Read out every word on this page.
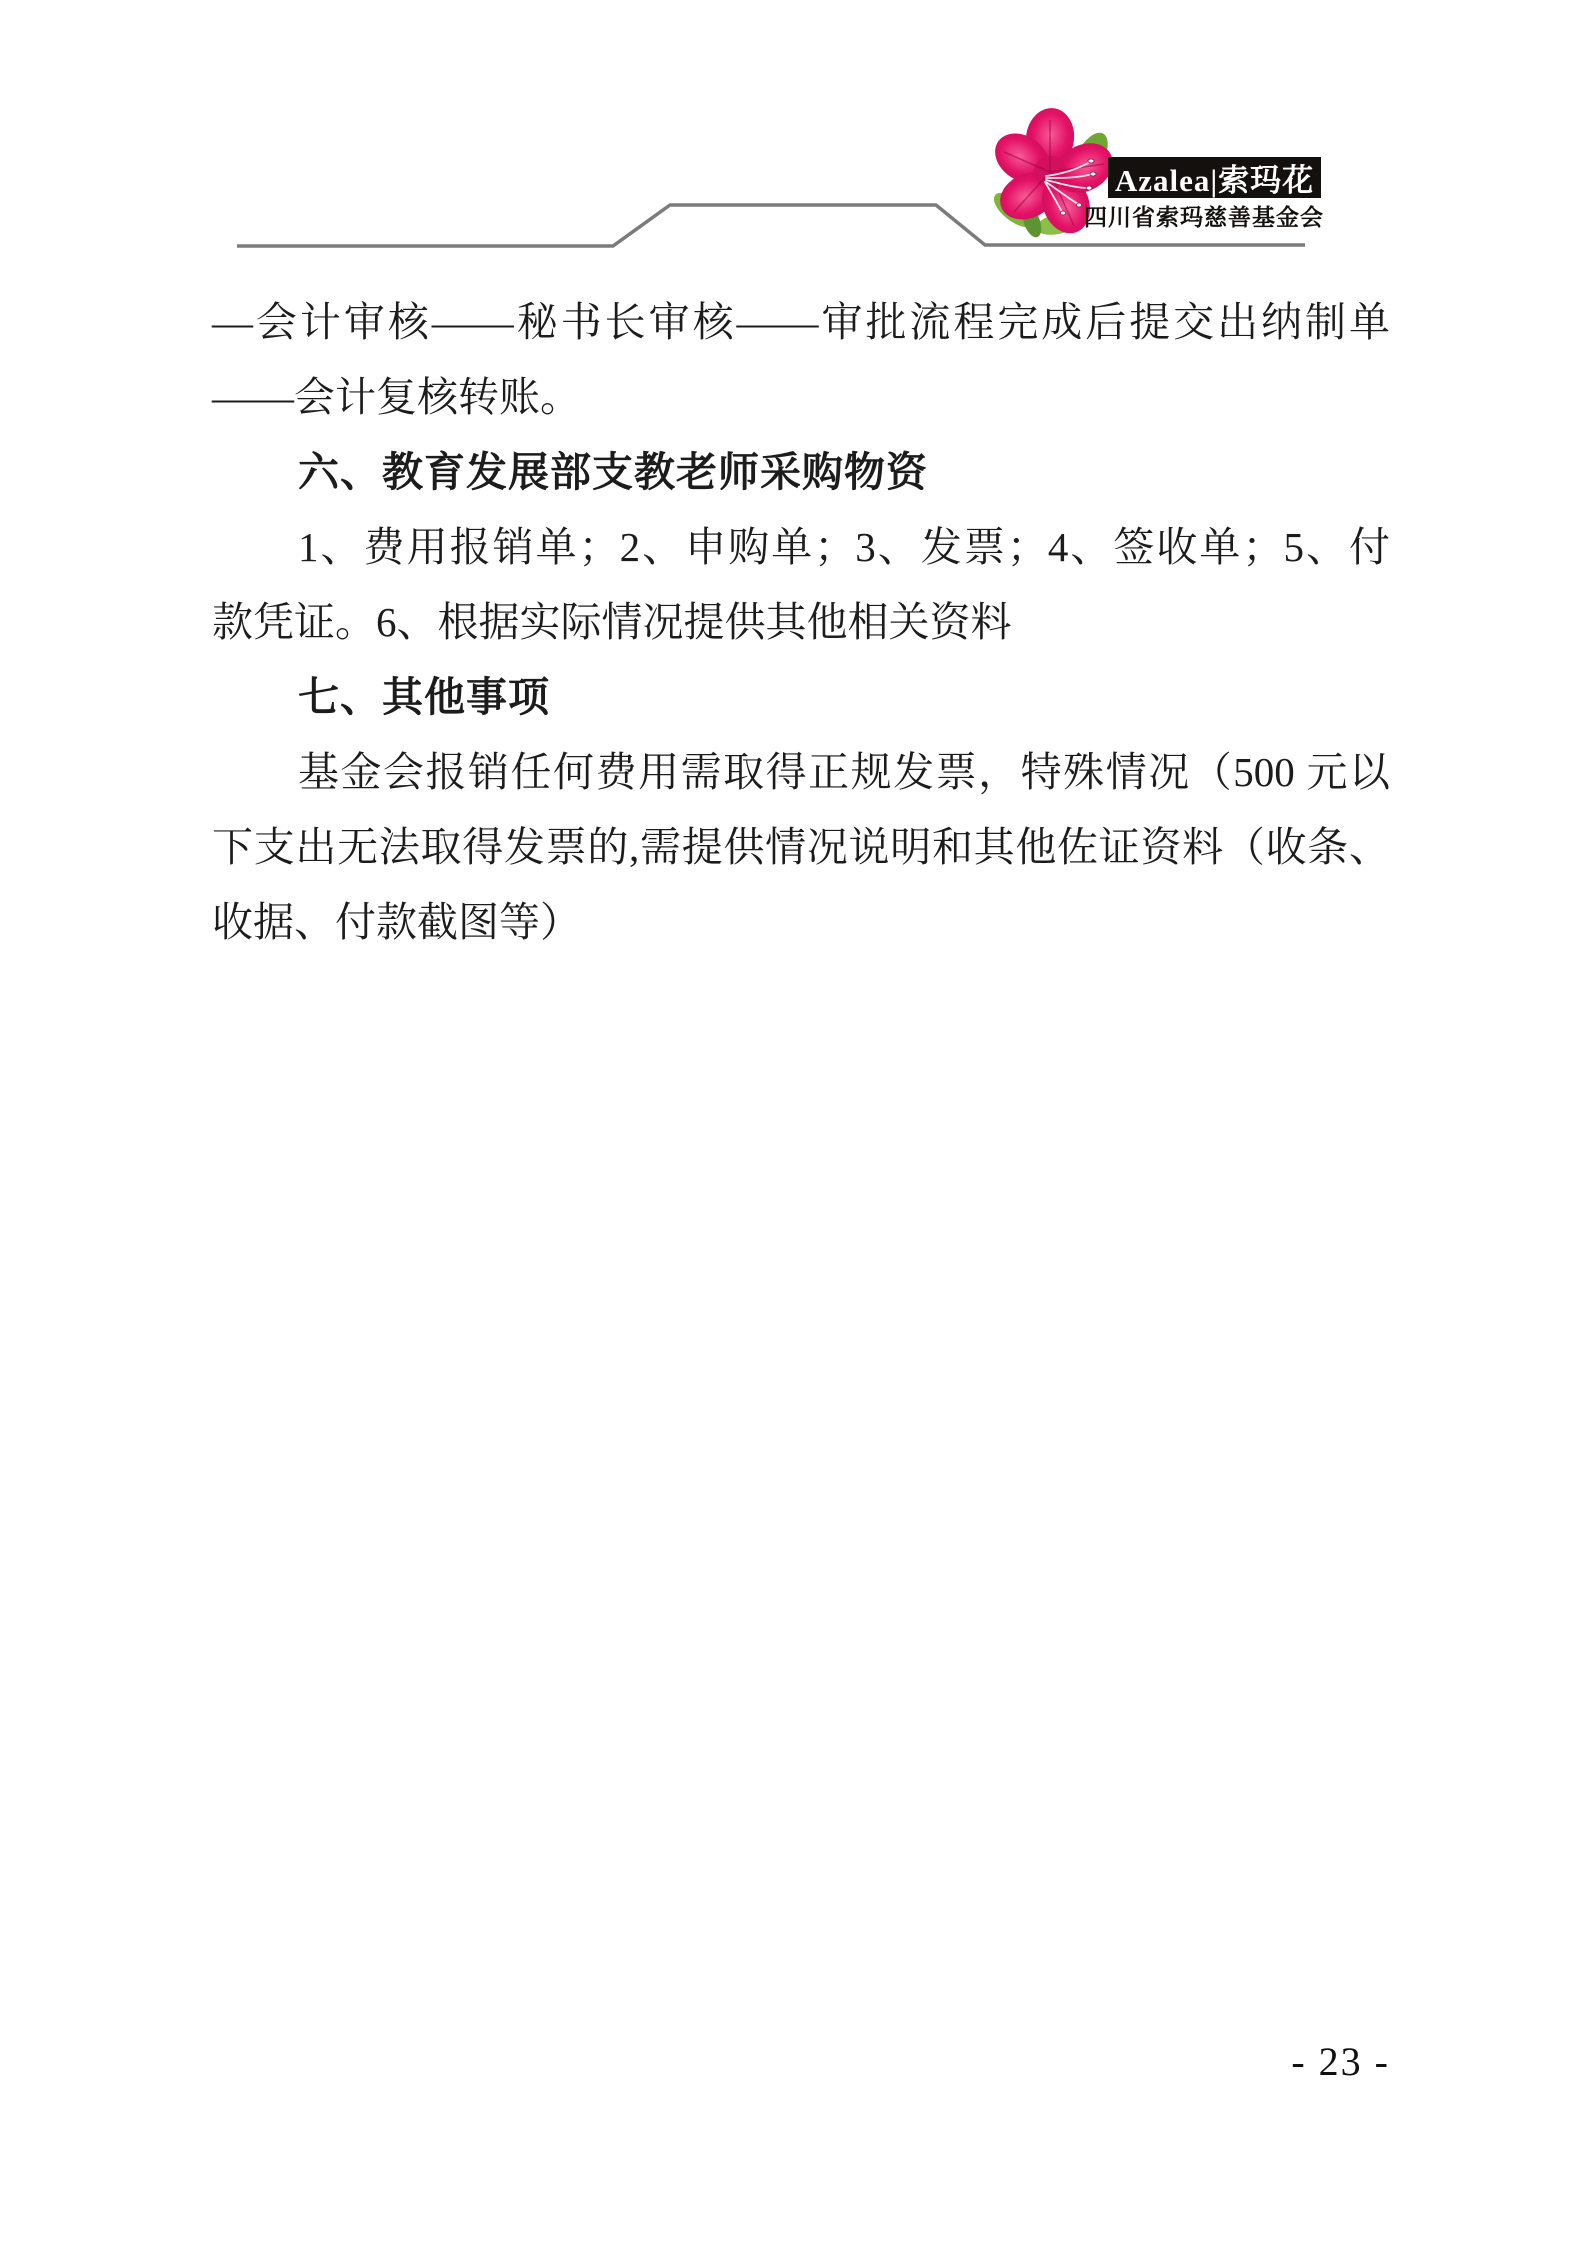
Azalea|索玛花
四川省索玛慈善基金会
—会计审核——秘书长审核——审批流程完成后提交出纳制单
——会计复核转账。
六、教育发展部支教老师采购物资
1、费用报销单；2、申购单；3、发票；4、签收单；5、付
款凭证。6、根据实际情况提供其他相关资料
七、其他事项
基金会报销任何费用需取得正规发票，特殊情况（500 元以
下支出无法取得发票的,需提供情况说明和其他佐证资料（收条、
收据、付款截图等）
- 23 -
